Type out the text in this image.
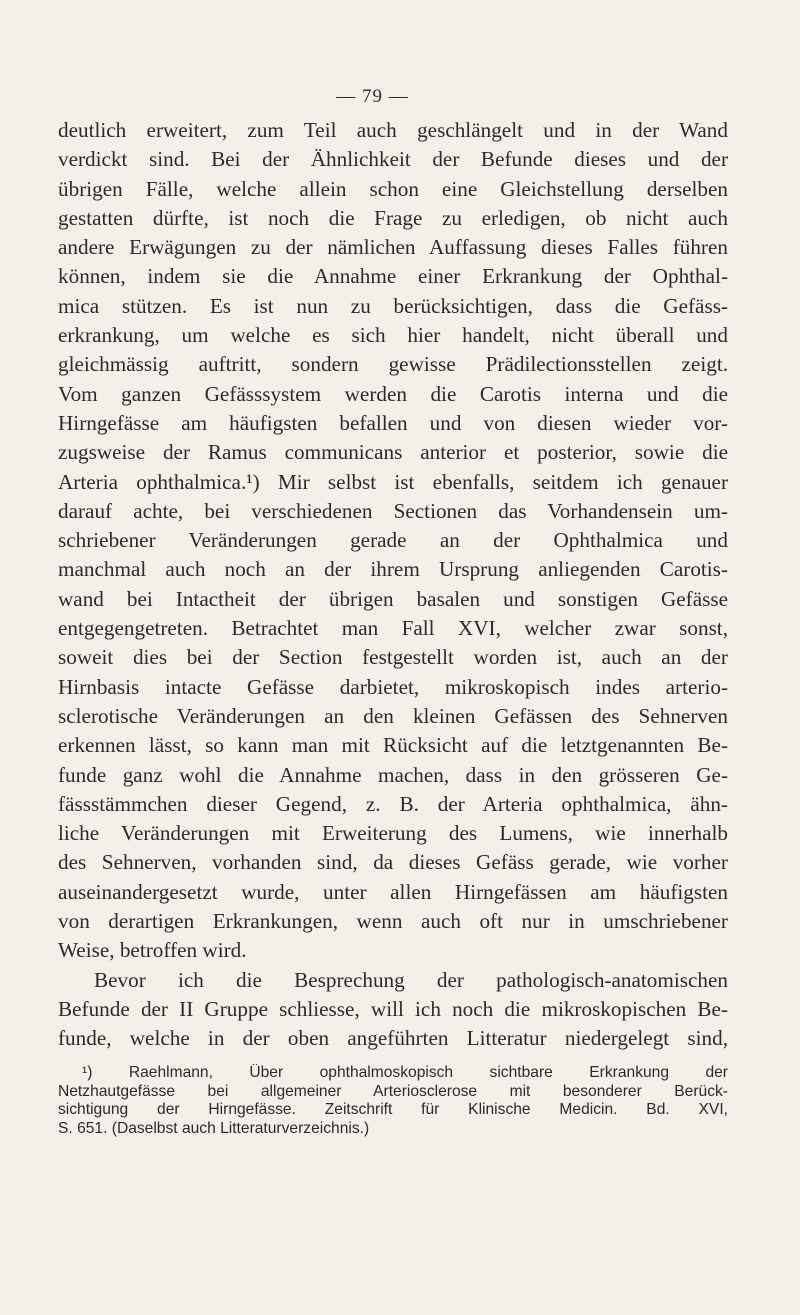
— 79 —
deutlich erweitert, zum Teil auch geschlängelt und in der Wand
verdickt sind. Bei der Ähnlichkeit der Befunde dieses und der
übrigen Fälle, welche allein schon eine Gleichstellung derselben
gestatten dürfte, ist noch die Frage zu erledigen, ob nicht auch
andere Erwägungen zu der nämlichen Auffassung dieses Falles führen
können, indem sie die Annahme einer Erkrankung der Ophthal-
mica stützen. Es ist nun zu berücksichtigen, dass die Gefäss-
erkrankung, um welche es sich hier handelt, nicht überall und
gleichmässig auftritt, sondern gewisse Prädilectionsstellen zeigt.
Vom ganzen Gefässsystem werden die Carotis interna und die
Hirngefässe am häufigsten befallen und von diesen wieder vor-
zugsweise der Ramus communicans anterior et posterior, sowie die
Arteria ophthalmica.¹) Mir selbst ist ebenfalls, seitdem ich genauer
darauf achte, bei verschiedenen Sectionen das Vorhandensein um-
schriebener Veränderungen gerade an der Ophthalmica und
manchmal auch noch an der ihrem Ursprung anliegenden Carotis-
wand bei Intactheit der übrigen basalen und sonstigen Gefässe
entgegengetreten. Betrachtet man Fall XVI, welcher zwar sonst,
soweit dies bei der Section festgestellt worden ist, auch an der
Hirnbasis intacte Gefässe darbietet, mikroskopisch indes arterio-
sclerotische Veränderungen an den kleinen Gefässen des Sehnerven
erkennen lässt, so kann man mit Rücksicht auf die letztgenannten Be-
funde ganz wohl die Annahme machen, dass in den grösseren Ge-
fässstämmchen dieser Gegend, z. B. der Arteria ophthalmica, ähn-
liche Veränderungen mit Erweiterung des Lumens, wie innerhalb
des Sehnerven, vorhanden sind, da dieses Gefäss gerade, wie vorher
auseinandergesetzt wurde, unter allen Hirngefässen am häufigsten
von derartigen Erkrankungen, wenn auch oft nur in umschriebener
Weise, betroffen wird.
Bevor ich die Besprechung der pathologisch-anatomischen
Befunde der II Gruppe schliesse, will ich noch die mikroskopischen Be-
funde, welche in der oben angeführten Litteratur niedergelegt sind,
¹) Raehlmann, Über ophthalmoskopisch sichtbare Erkrankung der
Netzhautgefässe bei allgemeiner Arteriosclerose mit besonderer Berück-
sichtigung der Hirngefässe. Zeitschrift für Klinische Medicin. Bd. XVI,
S. 651. (Daselbst auch Litteraturverzeichnis.)
